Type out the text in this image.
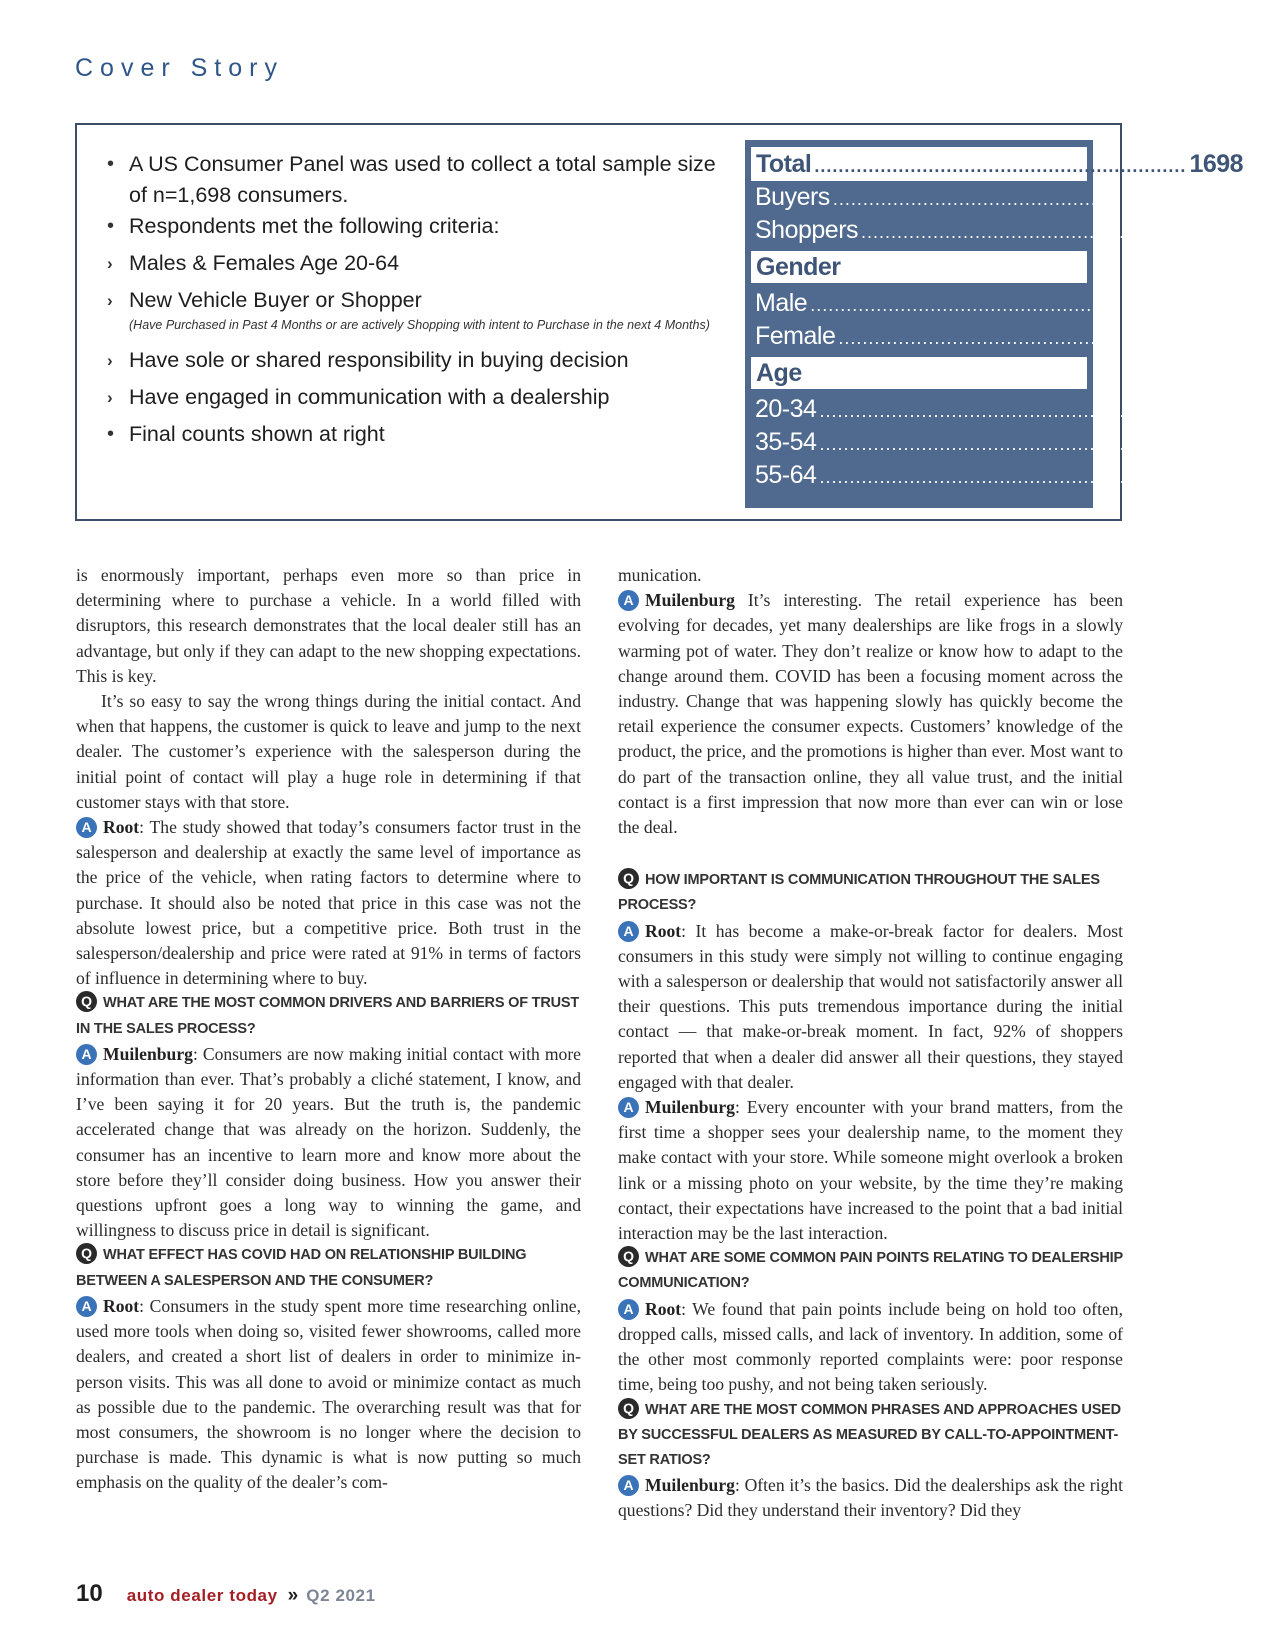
Cover Story
• A US Consumer Panel was used to collect a total sample size of n=1,698 consumers.
• Respondents met the following criteria:
› Males & Females Age 20-64
› New Vehicle Buyer or Shopper
(Have Purchased in Past 4 Months or are actively Shopping with intent to Purchase in the next 4 Months)
› Have sole or shared responsibility in buying decision
› Have engaged in communication with a dealership
• Final counts shown at right
Total .............................................................. 1698
Buyers .............................................................. 772
Shoppers .............................................................. 926
Gender
Male .............................................................. 960
Female .............................................................. 738
Age
20-34 .............................................................. 633
35-54 .............................................................. 773
55-64 .............................................................. 292

is enormously important, perhaps even more so than price in determining where to purchase a vehicle. In a world filled with disruptors, this research demonstrates that the local dealer still has an advantage, but only if they can adapt to the new shopping expectations. This is key.

It’s so easy to say the wrong things during the initial contact. And when that happens, the customer is quick to leave and jump to the next dealer. The customer’s experience with the salesperson during the initial point of contact will play a huge role in determining if that customer stays with that store.

A Root: The study showed that today’s consumers factor trust in the salesperson and dealership at exactly the same level of importance as the price of the vehicle, when rating factors to determine where to purchase. It should also be noted that price in this case was not the absolute lowest price, but a competitive price. Both trust in the salesperson/dealership and price were rated at 91% in terms of factors of influence in determining where to buy.

Q WHAT ARE THE MOST COMMON DRIVERS AND BARRIERS OF TRUST IN THE SALES PROCESS?

A Muilenburg: Consumers are now making initial contact with more information than ever. That’s probably a cliché statement, I know, and I’ve been saying it for 20 years. But the truth is, the pandemic accelerated change that was already on the horizon. Suddenly, the consumer has an incentive to learn more and know more about the store before they’ll consider doing business. How you answer their questions upfront goes a long way to winning the game, and willingness to discuss price in detail is significant.

Q WHAT EFFECT HAS COVID HAD ON RELATIONSHIP BUILDING BETWEEN A SALESPERSON AND THE CONSUMER?

A Root: Consumers in the study spent more time researching online, used more tools when doing so, visited fewer showrooms, called more dealers, and created a short list of dealers in order to minimize in-person visits. This was all done to avoid or minimize contact as much as possible due to the pandemic. The overarching result was that for most consumers, the showroom is no longer where the decision to purchase is made. This dynamic is what is now putting so much emphasis on the quality of the dealer’s com-

munication.

A Muilenburg It’s interesting. The retail experience has been evolving for decades, yet many dealerships are like frogs in a slowly warming pot of water. They don’t realize or know how to adapt to the change around them. COVID has been a focusing moment across the industry. Change that was happening slowly has quickly become the retail experience the consumer expects. Customers’ knowledge of the product, the price, and the promotions is higher than ever. Most want to do part of the transaction online, they all value trust, and the initial contact is a first impression that now more than ever can win or lose the deal.

Q HOW IMPORTANT IS COMMUNICATION THROUGHOUT THE SALES PROCESS?

A Root: It has become a make-or-break factor for dealers. Most consumers in this study were simply not willing to continue engaging with a salesperson or dealership that would not satisfactorily answer all their questions. This puts tremendous importance during the initial contact — that make-or-break moment. In fact, 92% of shoppers reported that when a dealer did answer all their questions, they stayed engaged with that dealer.

A Muilenburg: Every encounter with your brand matters, from the first time a shopper sees your dealership name, to the moment they make contact with your store. While someone might overlook a broken link or a missing photo on your website, by the time they’re making contact, their expectations have increased to the point that a bad initial interaction may be the last interaction.

Q WHAT ARE SOME COMMON PAIN POINTS RELATING TO DEALERSHIP COMMUNICATION?

A Root: We found that pain points include being on hold too often, dropped calls, missed calls, and lack of inventory. In addition, some of the other most commonly reported complaints were: poor response time, being too pushy, and not being taken seriously.

Q WHAT ARE THE MOST COMMON PHRASES AND APPROACHES USED BY SUCCESSFUL DEALERS AS MEASURED BY CALL-TO-APPOINTMENT-SET RATIOS?

A Muilenburg: Often it’s the basics. Did the dealerships ask the right questions? Did they understand their inventory? Did they

10 auto dealer today » Q2 2021
